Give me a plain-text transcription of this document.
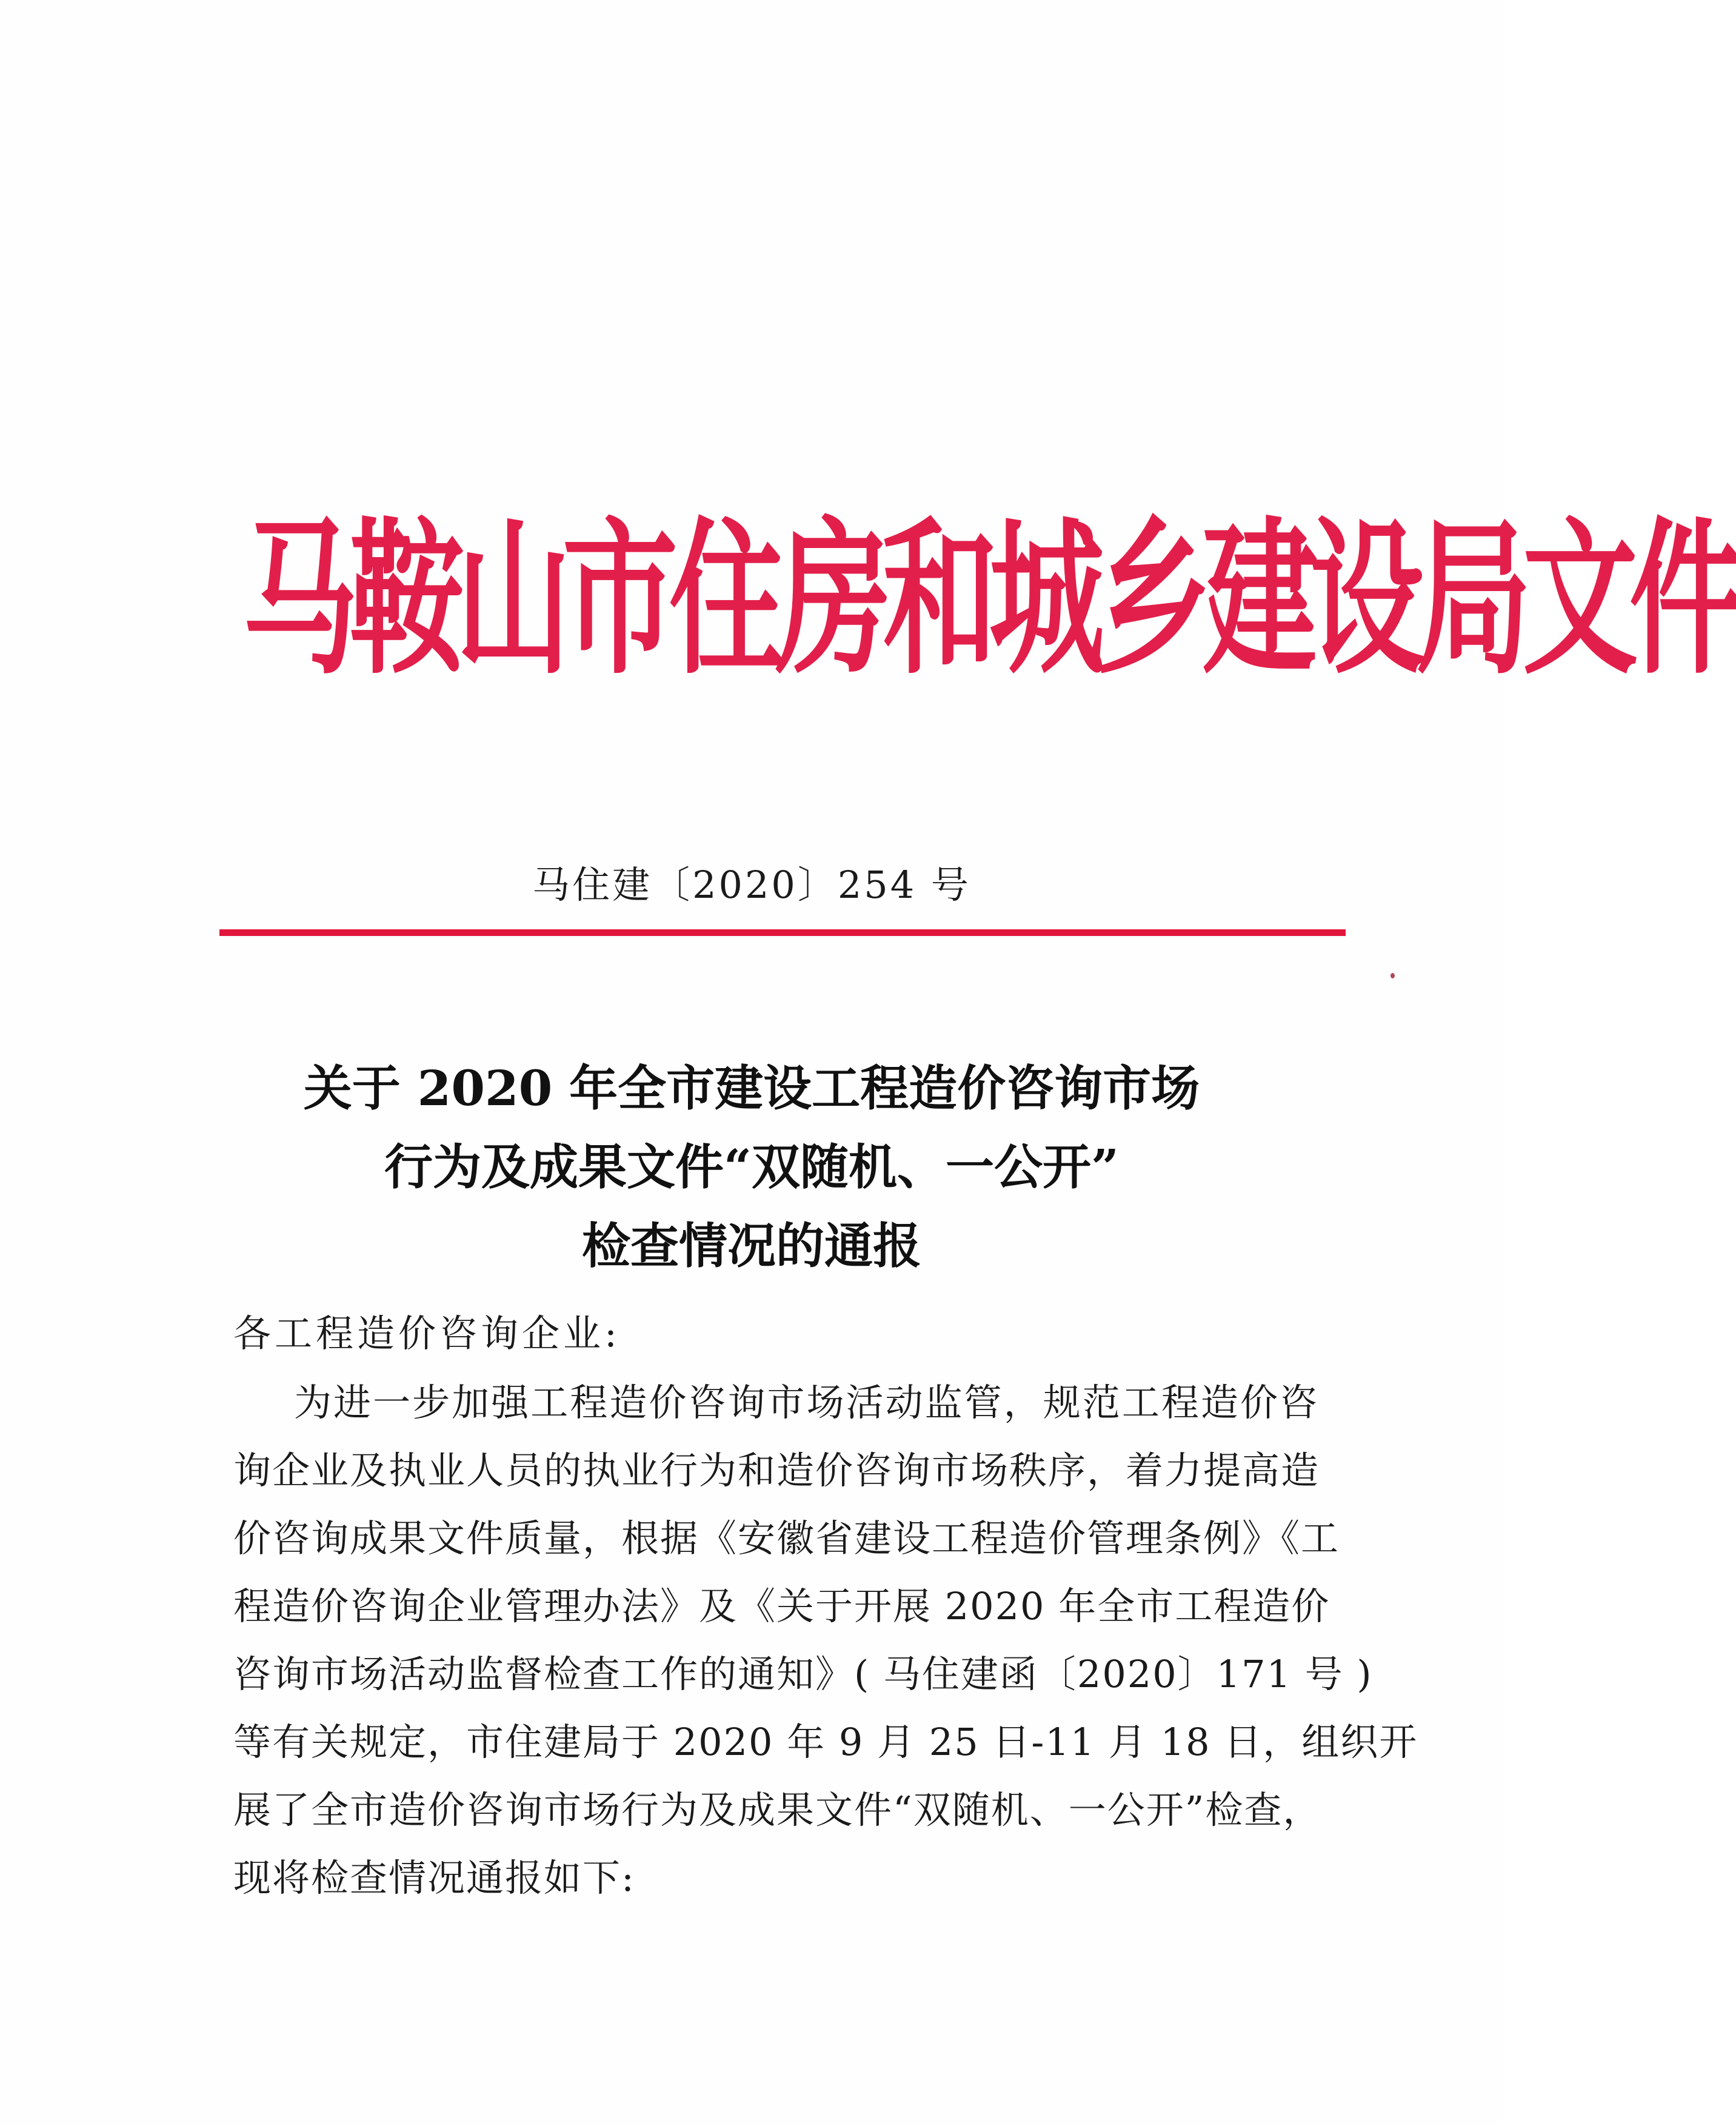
马鞍山市住房和城乡建设局文件
马住建〔2020〕254 号
关于 2020 年全市建设工程造价咨询市场
行为及成果文件“双随机、一公开”
检查情况的通报
各工程造价咨询企业:
为进一步加强工程造价咨询市场活动监管，规范工程造价咨
询企业及执业人员的执业行为和造价咨询市场秩序，着力提高造
价咨询成果文件质量，根据《安徽省建设工程造价管理条例》《工
程造价咨询企业管理办法》及《关于开展 2020 年全市工程造价
咨询市场活动监督检查工作的通知》( 马住建函〔2020〕171 号 )
等有关规定，市住建局于 2020 年 9 月 25 日-11 月 18 日，组织开
展了全市造价咨询市场行为及成果文件“双随机、一公开”检查，
现将检查情况通报如下:
